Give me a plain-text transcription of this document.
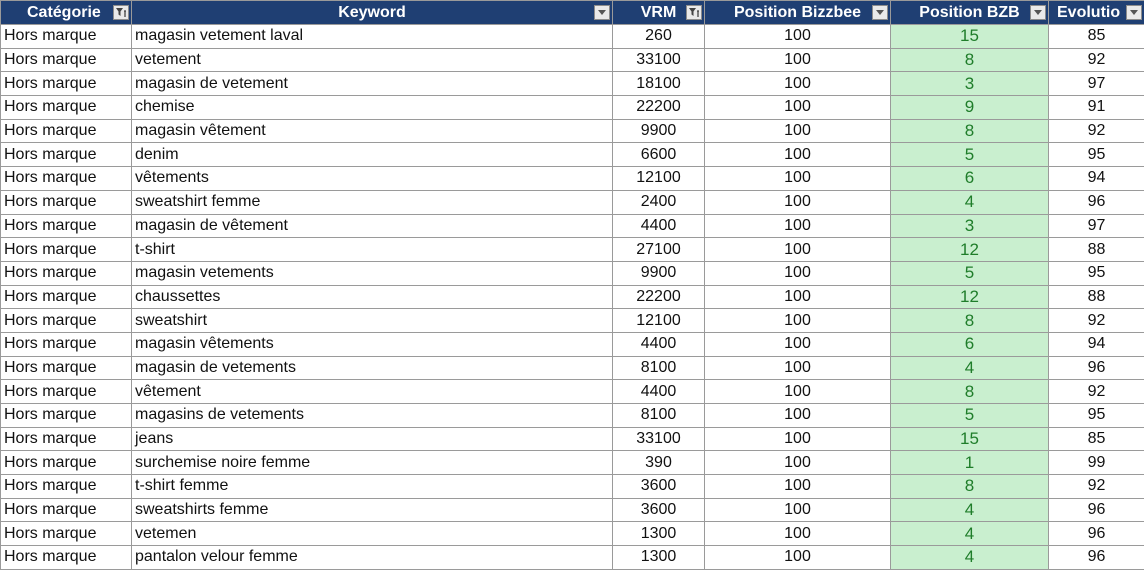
Catégorie	Keyword	VRM	Position Bizzbee	Position BZB	Evolutio

Hors marque	magasin vetement laval	260	100	15	85
Hors marque	vetement	33100	100	8	92
Hors marque	magasin de vetement	18100	100	3	97
Hors marque	chemise	22200	100	9	91
Hors marque	magasin vêtement	9900	100	8	92
Hors marque	denim	6600	100	5	95
Hors marque	vêtements	12100	100	6	94
Hors marque	sweatshirt femme	2400	100	4	96
Hors marque	magasin de vêtement	4400	100	3	97
Hors marque	t-shirt	27100	100	12	88
Hors marque	magasin vetements	9900	100	5	95
Hors marque	chaussettes	22200	100	12	88
Hors marque	sweatshirt	12100	100	8	92
Hors marque	magasin vêtements	4400	100	6	94
Hors marque	magasin de vetements	8100	100	4	96
Hors marque	vêtement	4400	100	8	92
Hors marque	magasins de vetements	8100	100	5	95
Hors marque	jeans	33100	100	15	85
Hors marque	surchemise noire femme	390	100	1	99
Hors marque	t-shirt femme	3600	100	8	92
Hors marque	sweatshirts femme	3600	100	4	96
Hors marque	vetemen	1300	100	4	96
Hors marque	pantalon velour femme	1300	100	4	96
